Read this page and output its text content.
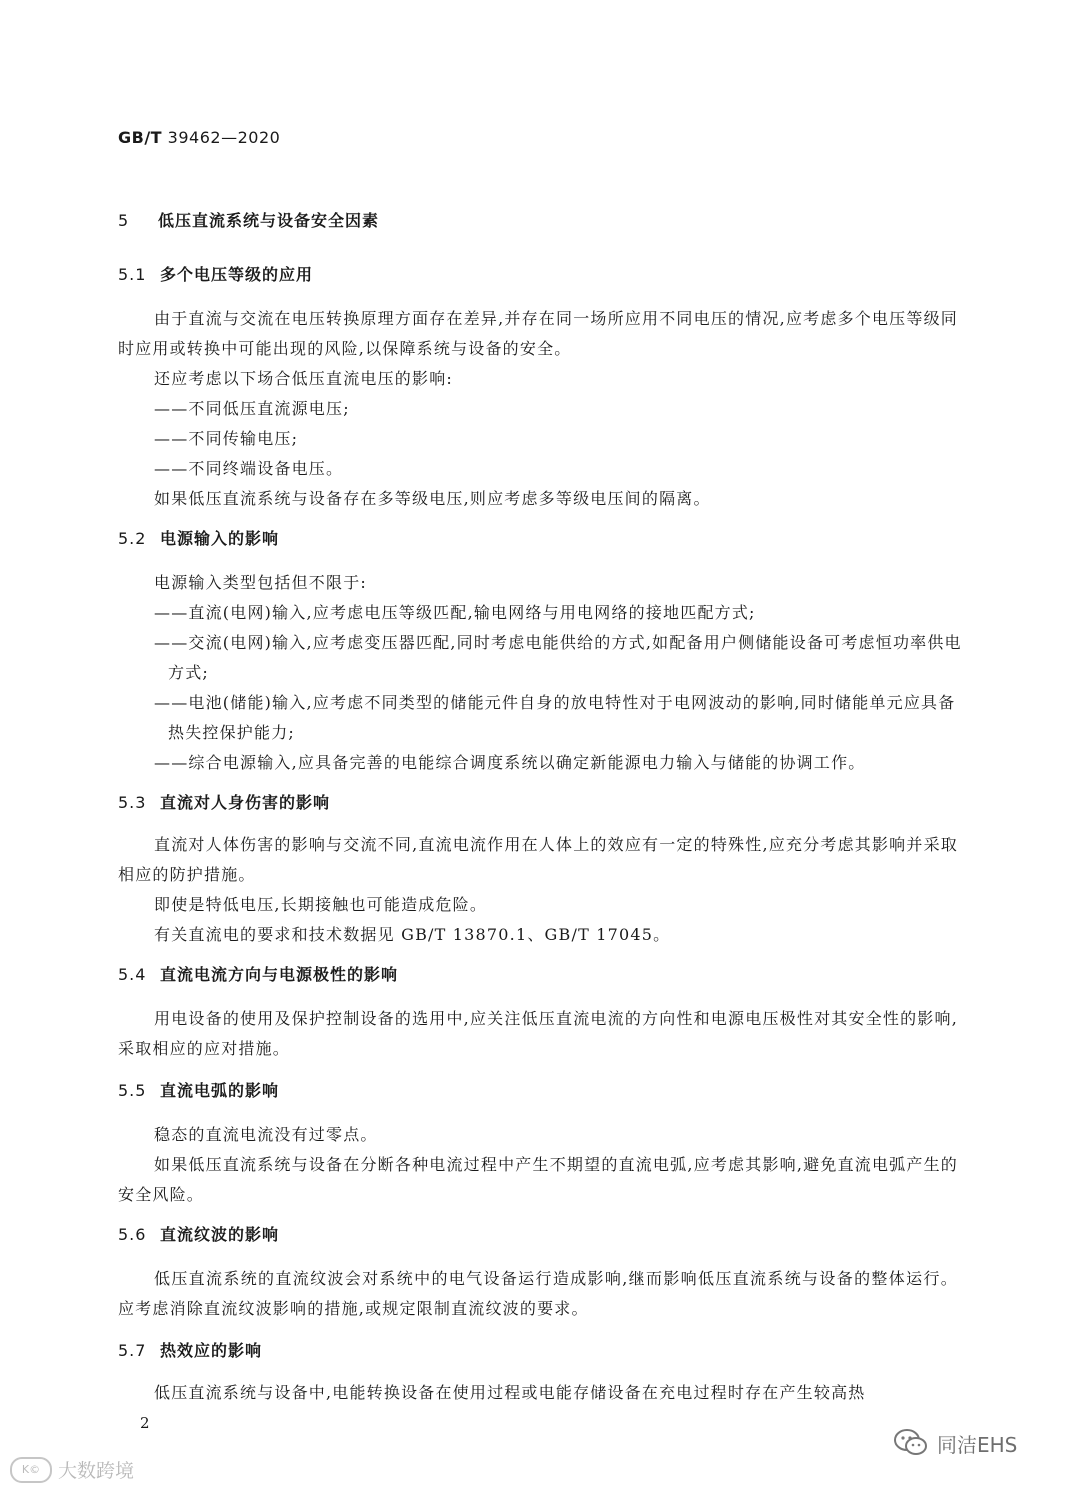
GB/T 39462—2020
5 低压直流系统与设备安全因素
5.1 多个电压等级的应用
由于直流与交流在电压转换原理方面存在差异,并存在同一场所应用不同电压的情况,应考虑多个电压等级同时应用或转换中可能出现的风险,以保障系统与设备的安全。
还应考虑以下场合低压直流电压的影响:
——不同低压直流源电压;
——不同传输电压;
——不同终端设备电压。
如果低压直流系统与设备存在多等级电压,则应考虑多等级电压间的隔离。
5.2 电源输入的影响
电源输入类型包括但不限于:
——直流(电网)输入,应考虑电压等级匹配,输电网络与用电网络的接地匹配方式;
——交流(电网)输入,应考虑变压器匹配,同时考虑电能供给的方式,如配备用户侧储能设备可考虑恒功率供电方式;
——电池(储能)输入,应考虑不同类型的储能元件自身的放电特性对于电网波动的影响,同时储能单元应具备热失控保护能力;
——综合电源输入,应具备完善的电能综合调度系统以确定新能源电力输入与储能的协调工作。
5.3 直流对人身伤害的影响
直流对人体伤害的影响与交流不同,直流电流作用在人体上的效应有一定的特殊性,应充分考虑其影响并采取相应的防护措施。
即使是特低电压,长期接触也可能造成危险。
有关直流电的要求和技术数据见 GB/T 13870.1、GB/T 17045。
5.4 直流电流方向与电源极性的影响
用电设备的使用及保护控制设备的选用中,应关注低压直流电流的方向性和电源电压极性对其安全性的影响,采取相应的应对措施。
5.5 直流电弧的影响
稳态的直流电流没有过零点。
如果低压直流系统与设备在分断各种电流过程中产生不期望的直流电弧,应考虑其影响,避免直流电弧产生的安全风险。
5.6 直流纹波的影响
低压直流系统的直流纹波会对系统中的电气设备运行造成影响,继而影响低压直流系统与设备的整体运行。应考虑消除直流纹波影响的措施,或规定限制直流纹波的要求。
5.7 热效应的影响
低压直流系统与设备中,电能转换设备在使用过程或电能存储设备在充电过程时存在产生较高热
2
K© 大数跨境
同洁EHS
